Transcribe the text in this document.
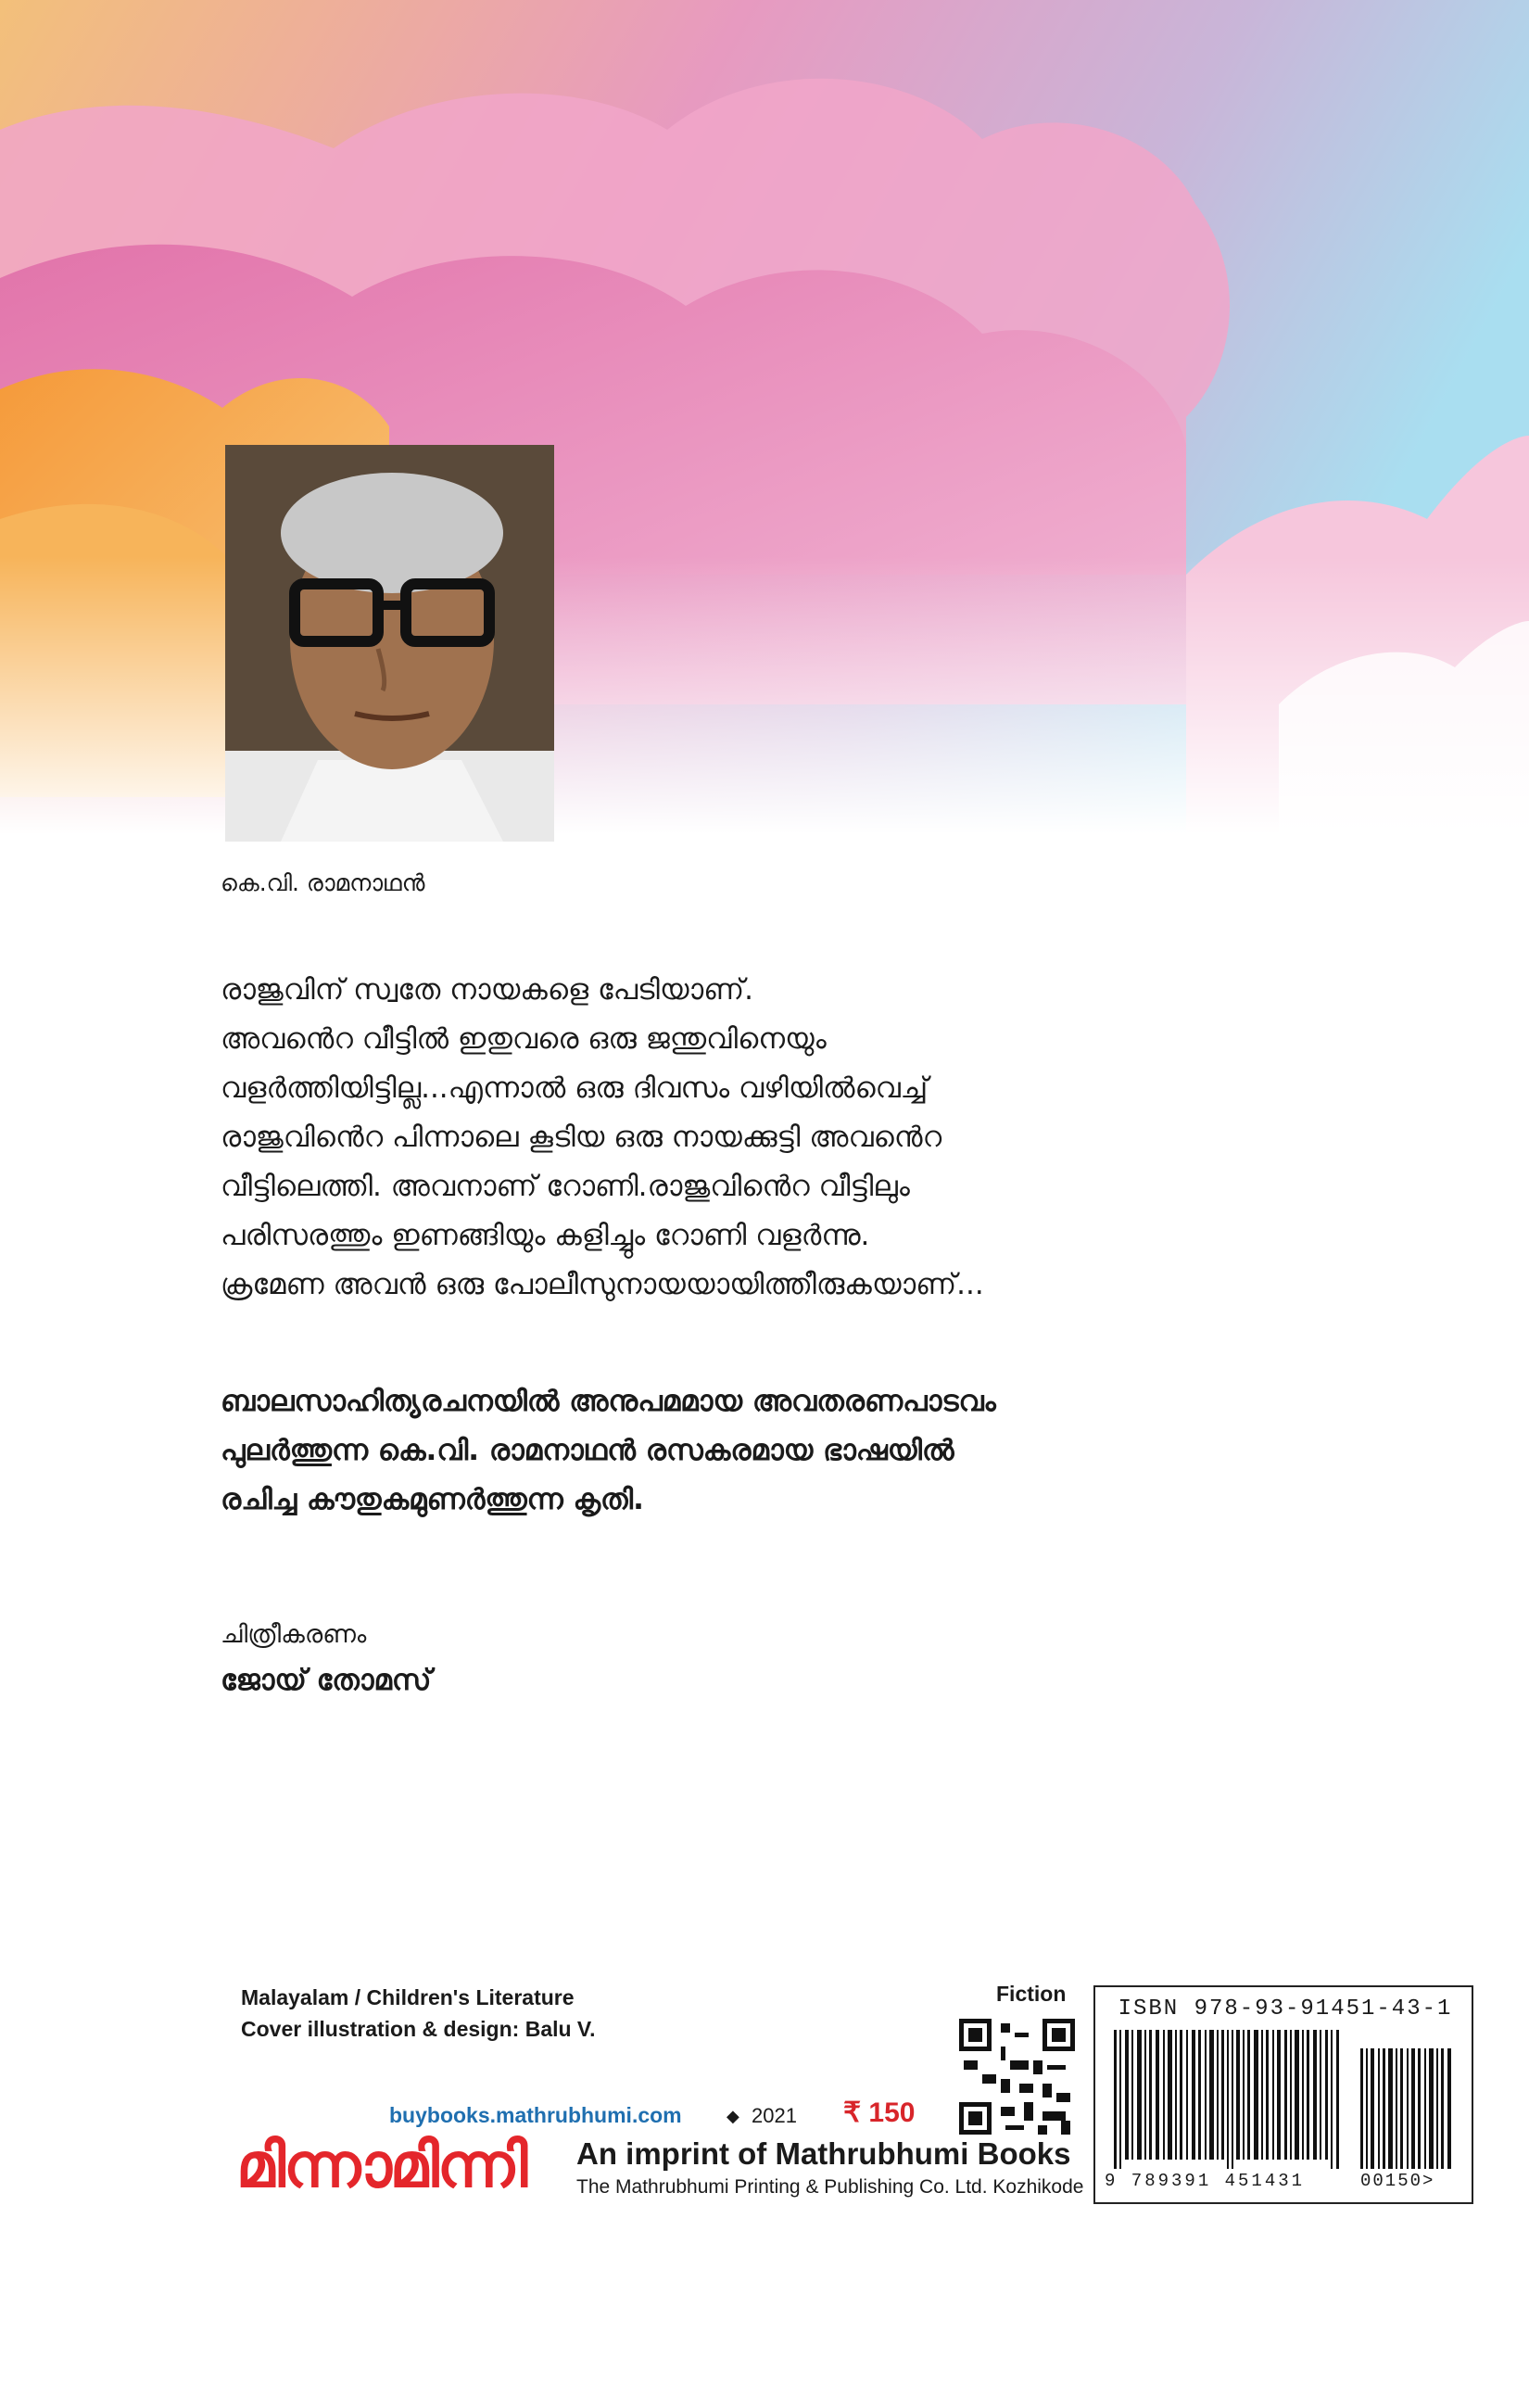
കെ.വി. രാമനാഥൻ

രാജുവിന് സ്വതേ നായകളെ പേടിയാണ്.

അവൻെറ വീട്ടിൽ ഇതുവരെ ഒരു ജന്തുവിനെയും

വളർത്തിയിട്ടില്ല...എന്നാൽ ഒരു ദിവസം വഴിയിൽവെച്ച്

രാജുവിൻെറ പിന്നാലെ കൂടിയ ഒരു നായക്കുട്ടി അവൻെറ

വീട്ടിലെത്തി. അവനാണ് റോണി.രാജുവിൻെറ വീട്ടിലും

പരിസരത്തും ഇണങ്ങിയും കളിച്ചും റോണി വളർന്നു.

ക്രമേണ അവൻ ഒരു പോലീസുനായയായിത്തീരുകയാണ്...

ബാലസാഹിത്യരചനയിൽ അനുപമമായ അവതരണപാടവം

പുലർത്തുന്ന കെ.വി. രാമനാഥൻ രസകരമായ ഭാഷയിൽ

രചിച്ച കൗതുകമുണർത്തുന്ന കൃതി.

ചിത്രീകരണം
ജോയ് തോമസ്
Malayalam / Children's Literature
Cover illustration & design: Balu V.
Fiction
buybooks.mathrubhumi.com	◆ 2021 ₹ 150
മിന്നാമിന്നി An imprint of Mathrubhumi Books
The Mathrubhumi Printing & Publishing Co. Ltd. Kozhikode
ISBN 978-93-91451-43-1
9 789391 451431	00150>
